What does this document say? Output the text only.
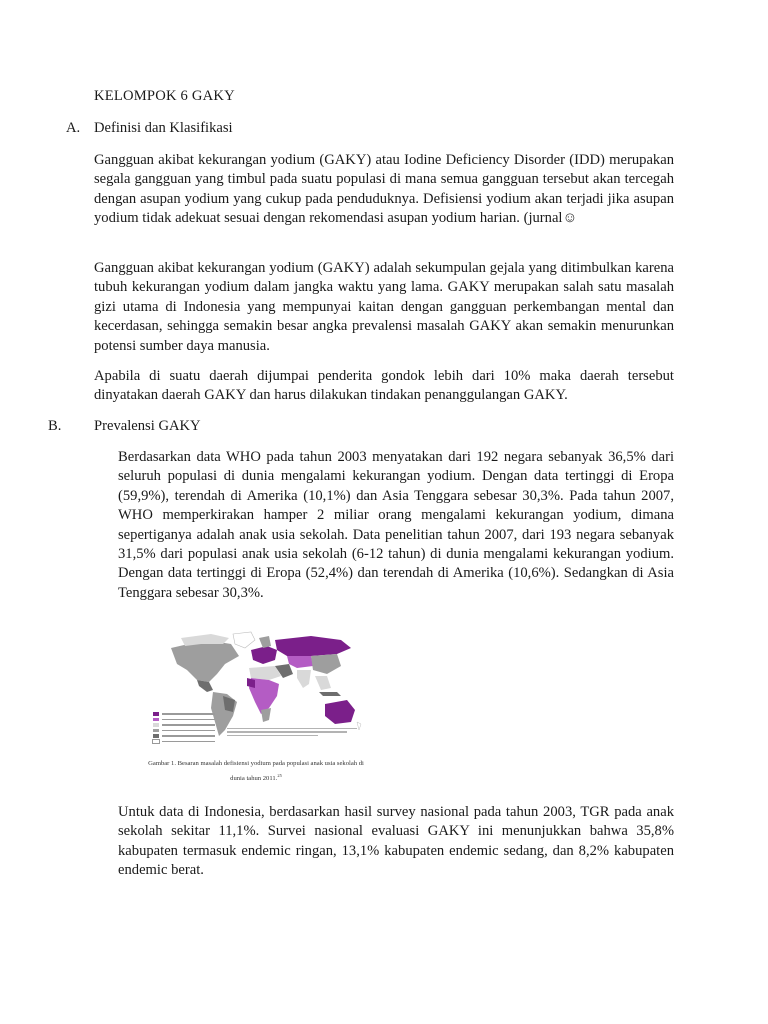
KELOMPOK 6 GAKY
A. Definisi dan Klasifikasi

Gangguan akibat kekurangan yodium (GAKY) atau Iodine Deficiency Disorder (IDD) merupakan segala gangguan yang timbul pada suatu populasi di mana semua gangguan tersebut akan tercegah dengan asupan yodium yang cukup pada penduduknya. Defisiensi yodium akan terjadi jika asupan yodium tidak adekuat sesuai dengan rekomendasi asupan yodium harian. (jurnal☺

Gangguan akibat kekurangan yodium (GAKY) adalah sekumpulan gejala yang ditimbulkan karena tubuh kekurangan yodium dalam jangka waktu yang lama. GAKY merupakan salah satu masalah gizi utama di Indonesia yang mempunyai kaitan dengan gangguan perkembangan mental dan kecerdasan, sehingga semakin besar angka prevalensi masalah GAKY akan semakin menurunkan potensi sumber daya manusia.

Apabila di suatu daerah dijumpai penderita gondok lebih dari 10% maka daerah tersebut dinyatakan daerah GAKY dan harus dilakukan tindakan penanggulangan GAKY.

B. Prevalensi GAKY

Berdasarkan data WHO pada tahun 2003 menyatakan dari 192 negara sebanyak 36,5% dari seluruh populasi di dunia mengalami kekurangan yodium. Dengan data tertinggi di Eropa (59,9%), terendah di Amerika (10,1%) dan Asia Tenggara sebesar 30,3%. Pada tahun 2007, WHO memperkirakan hamper 2 miliar orang mengalami kekurangan yodium, dimana sepertiganya adalah anak usia sekolah. Data penelitian tahun 2007, dari 193 negara sebanyak 31,5% dari populasi anak usia sekolah (6-12 tahun) di dunia mengalami kekurangan yodium. Dengan data tertinggi di Eropa (52,4%) dan terendah di Amerika (10,6%). Sedangkan di Asia Tenggara sebesar 30,3%.

Gambar 1. Besaran masalah defisiensi yodium pada populasi anak usia sekolah di
dunia tahun 2011.25

Untuk data di Indonesia, berdasarkan hasil survey nasional pada tahun 2003, TGR pada anak sekolah sekitar 11,1%. Survei nasional evaluasi GAKY ini menunjukkan bahwa 35,8% kabupaten termasuk endemic ringan, 13,1% kabupaten endemic sedang, dan 8,2% kabupaten endemic berat.
